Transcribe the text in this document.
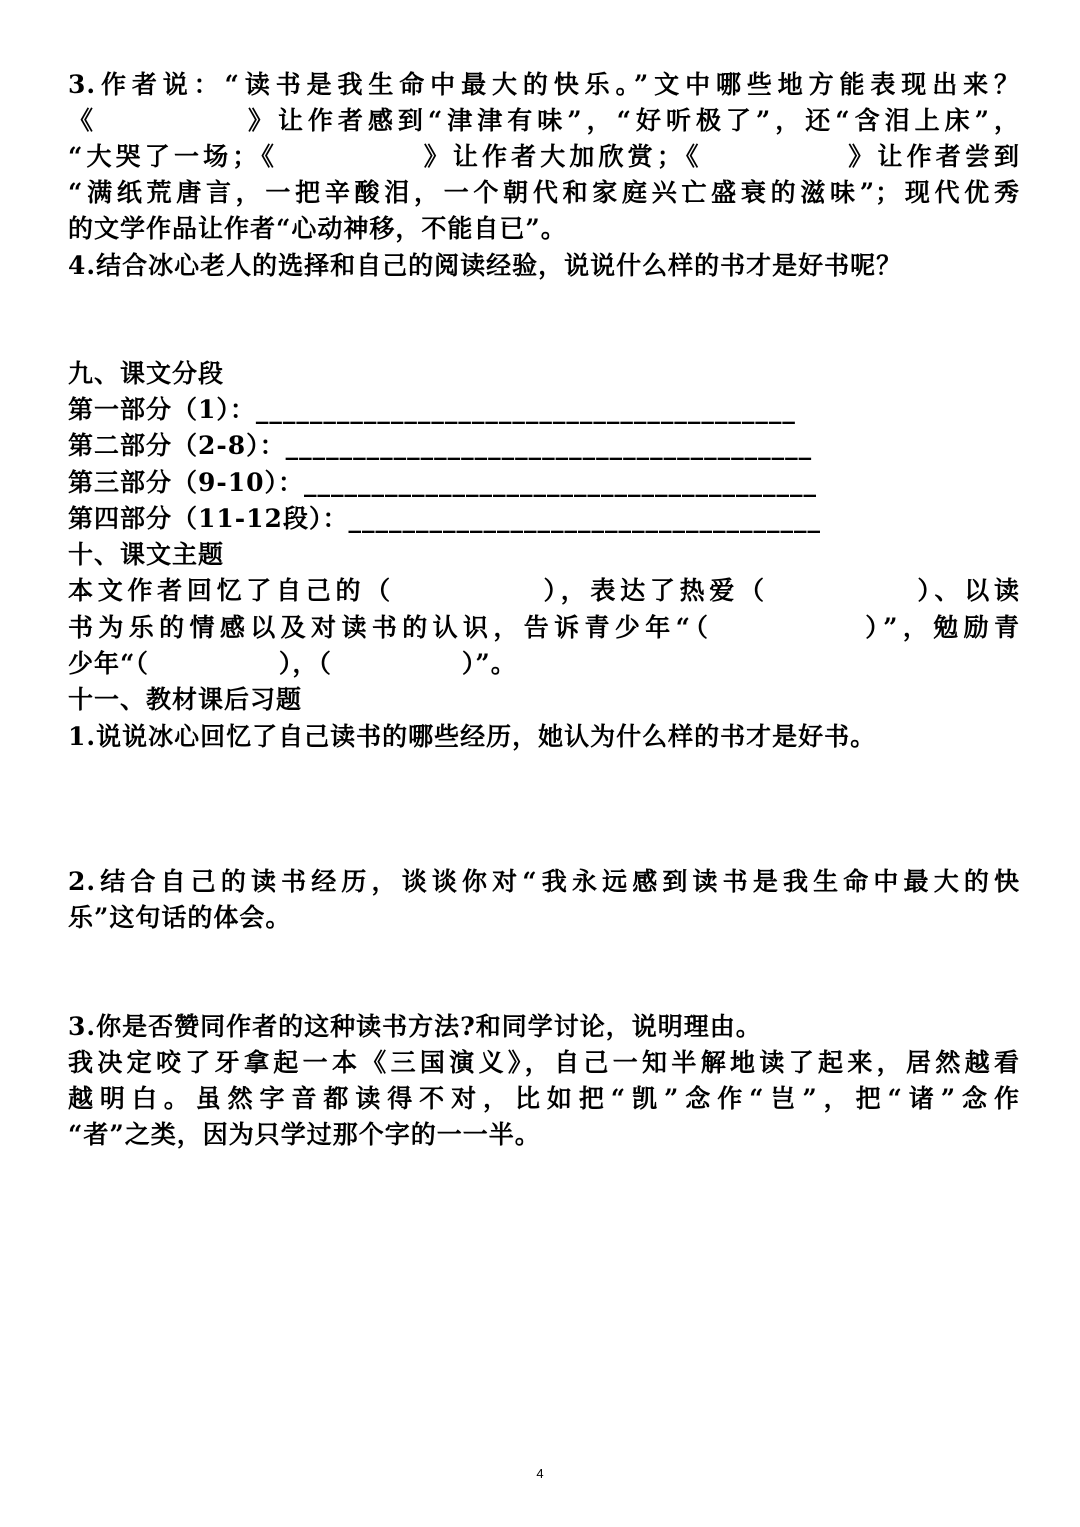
3.作者说：“读书是我生命中最大的快乐。”文中哪些地方能表现出来？
《　　　　　》让作者感到“津津有味”，“好听极了”，还“含泪上床”，
“大哭了一场；《　　　　　》让作者大加欣赏；《　　　　　》让作者尝到
“满纸荒唐言，一把辛酸泪，一个朝代和家庭兴亡盛衰的滋味”；现代优秀
的文学作品让作者“心动神移，不能自已”。
4.结合冰心老人的选择和自己的阅读经验，说说什么样的书才是好书呢？
九、课文分段
第一部分（1）：________________________________________
第二部分（2-8）：_______________________________________
第三部分（9-10）：______________________________________
第四部分（11-12段）：___________________________________
十、课文主题
本文作者回忆了自己的（　　　　　），表达了热爱（　　　　　）、以读
书为乐的情感以及对读书的认识，告诉青少年“（　　　　　）”，勉励青
少年“（　　　　　），（　　　　　）”。
十一、教材课后习题
1.说说冰心回忆了自己读书的哪些经历，她认为什么样的书才是好书。
2.结合自己的读书经历，谈谈你对“我永远感到读书是我生命中最大的快
乐”这句话的体会。
3.你是否赞同作者的这种读书方法?和同学讨论，说明理由。
我决定咬了牙拿起一本《三国演义》，自己一知半解地读了起来，居然越看
越明白。虽然字音都读得不对，比如把“凯”念作“岂”，把“诸”念作
“者”之类，因为只学过那个字的一一半。
4
